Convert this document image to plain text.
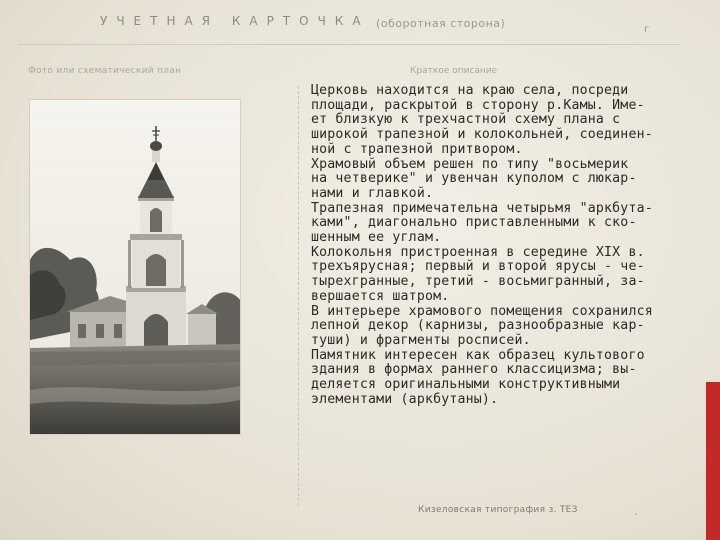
УЧЕТНАЯ КАРТОЧКА (оборотная сторона)	г
Фото или схематический план	Краткое описание
Церковь находится на краю села, посреди
площади, раскрытой в сторону р.Камы. Име-
ет близкую к трехчастной схему плана с
широкой трапезной и колокольней, соединен-
ной с трапезной притвором.
Храмовый объем решен по типу "восьмерик
на четверике" и увенчан куполом с люкар-
нами и главкой.
Трапезная примечательна четырьмя "аркбута-
ками", диагонально приставленными к ско-
шенным ее углам.
Колокольня пристроенная в середине XIX в.
трехъярусная; первый и второй ярусы - че-
тырехгранные, третий - восьмигранный, за-
вершается шатром.
В интерьере храмового помещения сохранился
лепной декор (карнизы, разнообразные кар-
туши) и фрагменты росписей.
Памятник интересен как образец культового
здания в формах раннего классицизма; вы-
деляется оригинальными конструктивными
элементами (аркбутаны).
Кизеловская типография з. ТЕЗ	.
